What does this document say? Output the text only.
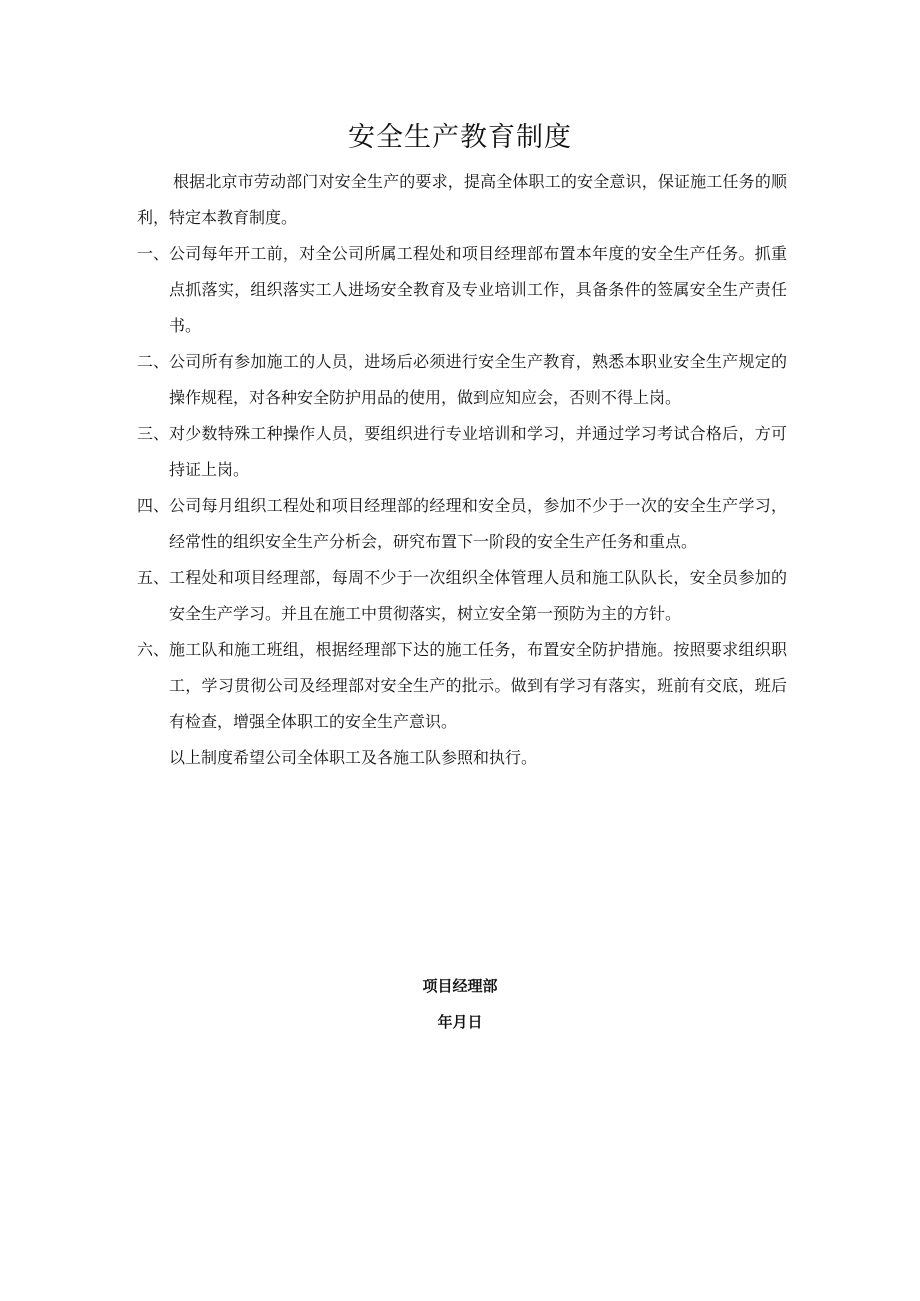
安全生产教育制度

根据北京市劳动部门对安全生产的要求，提高全体职工的安全意识，保证施工任务的顺利，特定本教育制度。

一、 公司每年开工前，对全公司所属工程处和项目经理部布置本年度的安全生产任务。抓重点抓落实，组织落实工人进场安全教育及专业培训工作，具备条件的签属安全生产责任书。
二、 公司所有参加施工的人员，进场后必须进行安全生产教育，熟悉本职业安全生产规定的操作规程，对各种安全防护用品的使用，做到应知应会，否则不得上岗。
三、 对少数特殊工种操作人员，要组织进行专业培训和学习，并通过学习考试合格后，方可持证上岗。
四、 公司每月组织工程处和项目经理部的经理和安全员，参加不少于一次的安全生产学习，经常性的组织安全生产分析会，研究布置下一阶段的安全生产任务和重点。
五、 工程处和项目经理部，每周不少于一次组织全体管理人员和施工队队长，安全员参加的安全生产学习。并且在施工中贯彻落实，树立安全第一预防为主的方针。
六、 施工队和施工班组，根据经理部下达的施工任务，布置安全防护措施。按照要求组织职工，学习贯彻公司及经理部对安全生产的批示。做到有学习有落实，班前有交底，班后有检查，增强全体职工的安全生产意识。

以上制度希望公司全体职工及各施工队参照和执行。

项目经理部
年月日
